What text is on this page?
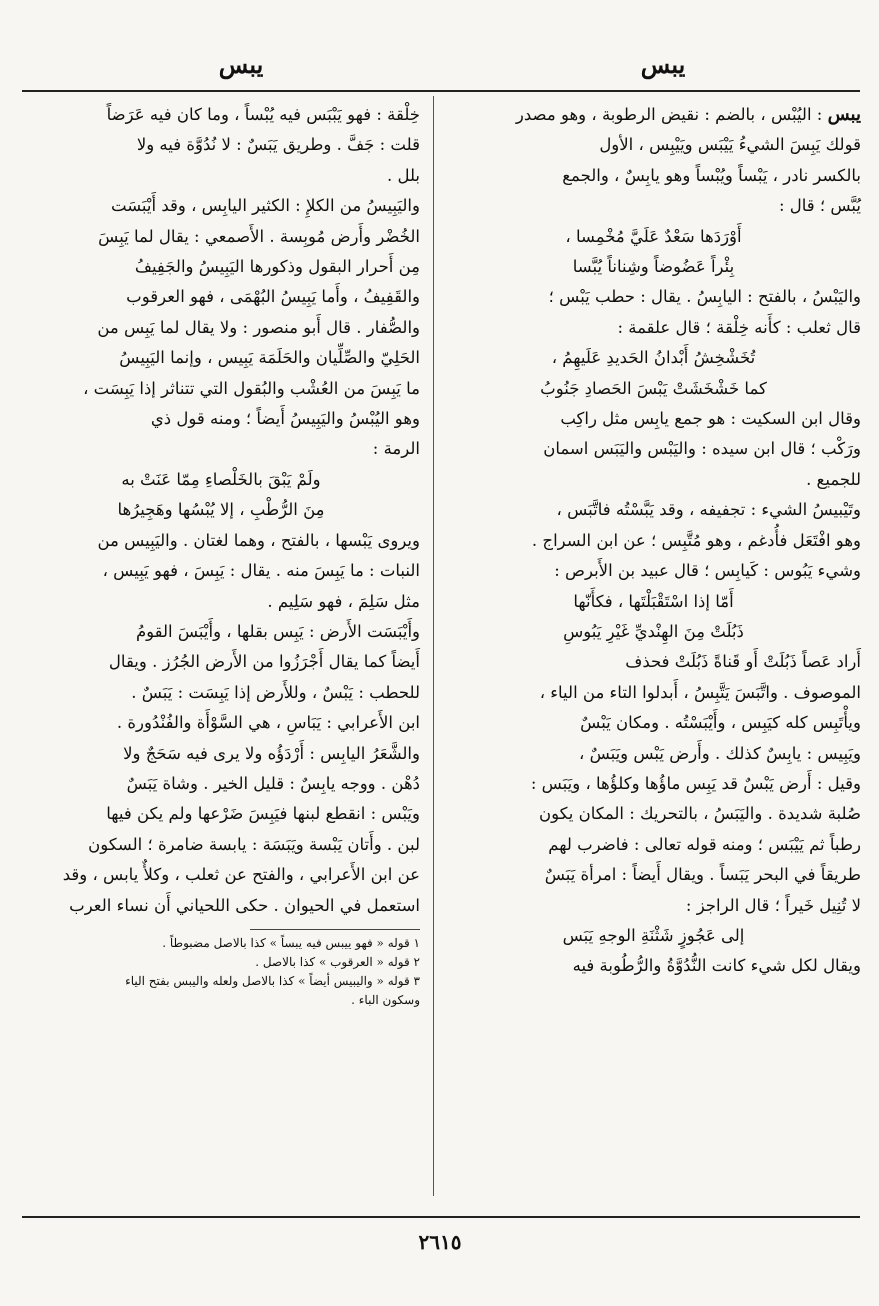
يبس
يبس

يبس : اليُبْس ، بالضم : نقيض الرطوبة ، وهو مصدر

قولك يَبِسَ الشيءُ يَيْبَس ويَيْبِس ، الأول

بالكسر نادر ، يَبْساً ويُبْساً وهو يابِسٌ ، والجمع

يُبَّس ؛ قال :

أَوْرَدَها سَعْدٌ عَلَيَّ مُخْمِسا ،

بِئْراً عَضُوضاً وشِناناً يُبَّسا

واليَبْسُ ، بالفتح : اليابِسُ . يقال : حطب يَبْس ؛

قال ثعلب : كأَنه خِلْقة ؛ قال علقمة :

تُخَشْخِشُ أَبْدانُ الحَديدِ عَلَيهِمُ ،

كما خَشْخَشَتْ يَبْسَ الحَصادِ جَنُوبُ

وقال ابن السكيت : هو جمع يابِس مثل راكِب

ورَكْب ؛ قال ابن سيده : واليَبْس واليَبَس اسمان

للجميع .

وتَيْبيسُ الشيء : تجفيفه ، وقد يَبَّسْتُه فاتَّبَس ،

وهو افْتَعَل فأُدغم ، وهو مُتَّبِس ؛ عن ابن السراج .

وشيء يَبُوس : كَيابِس ؛ قال عبيد بن الأَبرص :

أَمّا إذا اسْتَقْبَلْتَها ، فكأَنّها

ذَبُلَتْ مِنَ الهِنْديِّ غَيْرِ يَبُوسِ

أَراد عَصاً ذَبُلَتْ أَو قَناةً ذَبُلَتْ فحذف

الموصوف . واتَّبَسَ يَتَّبِسُ ، أَبدلوا التاء من الياء ،

ويأْتَبِس كله كيَبِس ، وأَيْبَسْتُه . ومكان يَبْسٌ

ويَبِيس : يابِسٌ كذلك . وأَرض يَبْس ويَبَسٌ ،

وقيل : أَرض يَبْسٌ قد يَبِس ماؤُها وكلؤُها ، ويَبَس :

صُلبة شديدة . واليَبَسُ ، بالتحريك : المكان يكون

رطباً ثم يَيْبَس ؛ ومنه قوله تعالى : فاضرب لهم

طريقاً في البحر يَبَساً . ويقال أَيضاً : امرأة يَبَسٌ

لا تُنِيل خَيراً ؛ قال الراجز :

إلى عَجُوزٍ شَثْنَةِ الوجهِ يَبَس

ويقال لكل شيء كانت النُّدُوَّةُ والرُّطُوبة فيه

خِلْقة : فهو يَبْبَس فيه يُبْساً ، وما كان فيه عَرَضاً

قلت : جَفَّ . وطريق يَبَسٌ : لا نُدُوَّة فيه ولا

بلل .

واليَبِيسُ من الكلإِ : الكثير اليابِس ، وقد أَيْبَسَت

الخُضْر وأَرض مُوبِسة . الأَصمعي : يقال لما يَبِسَ

مِن أَحرار البقول وذكورها اليَبِيسُ والجَفِيفُ

والقَفِيفُ ، وأَما يَبِيسُ البُهْمَى ، فهو العرقوب

والصُّفار . قال أَبو منصور : ولا يقال لما يَبِس من

الحَلِيّ والصِّلِّيان والحَلَمَة يَبِيس ، وإنما اليَبِيسُ

ما يَبِسَ من العُشْب والبُقول التي تتناثر إذا يَبِسَت ،

وهو اليُبْسُ واليَبِيسُ أَيضاً ؛ ومنه قول ذي

الرمة :

ولَمْ يَبْقَ بالخَلْصاءِ مِمّا عَنَتْ به

مِنَ الرُّطْبِ ، إلا يُبْسُها وهَجِيرُها

ويروى يَبْسها ، بالفتح ، وهما لغتان . واليَبِيس من

النبات : ما يَبِسَ منه . يقال : يَبِسَ ، فهو يَبِيس ،

مثل سَلِمَ ، فهو سَلِيم .

وأَيْبَسَت الأَرض : يَبِس بقلها ، وأَيْبَسَ القومُ

أَيضاً كما يقال أَجْرَزُوا من الأَرض الجُرُز . ويقال

للحطب : يَبْسٌ ، وللأَرض إذا يَبِسَت : يَبَسٌ .

ابن الأَعرابي : يَبَاسِ ، هي السَّوْأَة والفُنْدُورة .

والشَّعَرُ اليابِس : أَرْدَؤُه ولا يرى فيه سَحَجٌ ولا

دُهْن . ووجه يابِسٌ : قليل الخير . وشاة يَبَسٌ

ويَبْس : انقطع لبنها فيَبِسَ ضَرْعها ولم يكن فيها

لبن . وأَتان يَبْسة ويَبَسَة : يابسة ضامرة ؛ السكون

عن ابن الأَعرابي ، والفتح عن ثعلب ، وكلأٌ يابس ، وقد

استعمل في الحيوان . حكى اللحياني أَن نساء العرب

١ قوله « فهو ييبس فيه يبساً » كذا بالاصل مضبوطاً .

٢ قوله « العرقوب » كذا بالاصل .

٣ قوله « واليبيس أيضاً » كذا بالاصل ولعله واليبس بفتح الياء

وسكون الباء .

٢٦١٥
